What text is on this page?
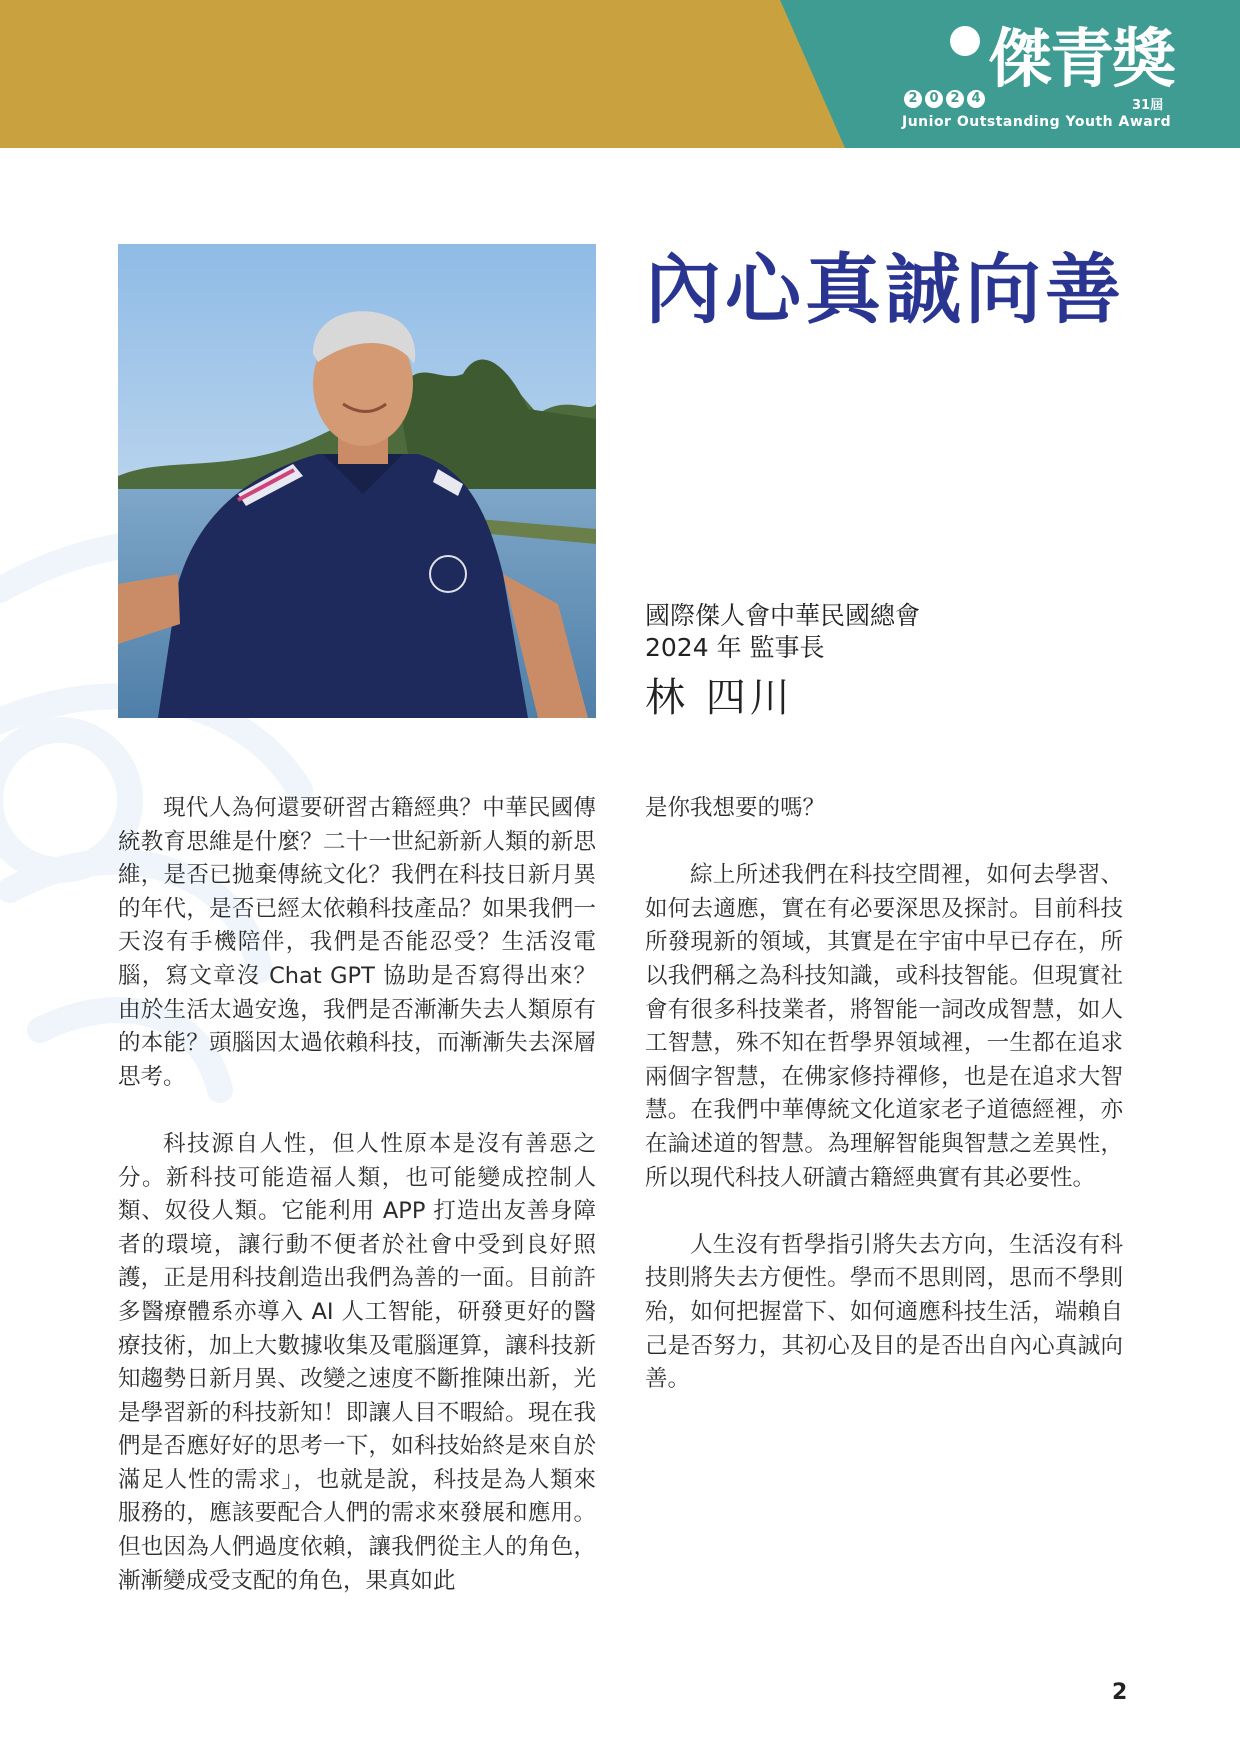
傑青獎
2 0 2 4	31屆
Junior Outstanding Youth Award
內心真誠向善
國際傑人會中華民國總會
2024 年 監事長
林 四川

現代人為何還要研習古籍經典？中華民國傳統教育思維是什麼？二十一世紀新新人類的新思維，是否已拋棄傳統文化？我們在科技日新月異的年代，是否已經太依賴科技產品？如果我們一天沒有手機陪伴，我們是否能忍受？生活沒電腦，寫文章沒 Chat GPT 協助是否寫得出來？由於生活太過安逸，我們是否漸漸失去人類原有的本能？頭腦因太過依賴科技，而漸漸失去深層思考。

科技源自人性，但人性原本是沒有善惡之分。新科技可能造福人類，也可能變成控制人類、奴役人類。它能利用 APP 打造出友善身障者的環境，讓行動不便者於社會中受到良好照護，正是用科技創造出我們為善的一面。目前許多醫療體系亦導入 AI 人工智能，研發更好的醫療技術，加上大數據收集及電腦運算，讓科技新知趨勢日新月異、改變之速度不斷推陳出新，光是學習新的科技新知！即讓人目不暇給。現在我們是否應好好的思考一下，如科技始終是來自於滿足人性的需求」，也就是說，科技是為人類來服務的，應該要配合人們的需求來發展和應用。但也因為人們過度依賴，讓我們從主人的角色，漸漸變成受支配的角色，果真如此

是你我想要的嗎？

綜上所述我們在科技空間裡，如何去學習、如何去適應，實在有必要深思及探討。目前科技所發現新的領域，其實是在宇宙中早已存在，所以我們稱之為科技知識，或科技智能。但現實社會有很多科技業者，將智能一詞改成智慧，如人工智慧，殊不知在哲學界領域裡，一生都在追求兩個字智慧，在佛家修持禪修，也是在追求大智慧。在我們中華傳統文化道家老子道德經裡，亦在論述道的智慧。為理解智能與智慧之差異性，所以現代科技人研讀古籍經典實有其必要性。

人生沒有哲學指引將失去方向，生活沒有科技則將失去方便性。學而不思則罔，思而不學則殆，如何把握當下、如何適應科技生活，端賴自己是否努力，其初心及目的是否出自內心真誠向善。

2
